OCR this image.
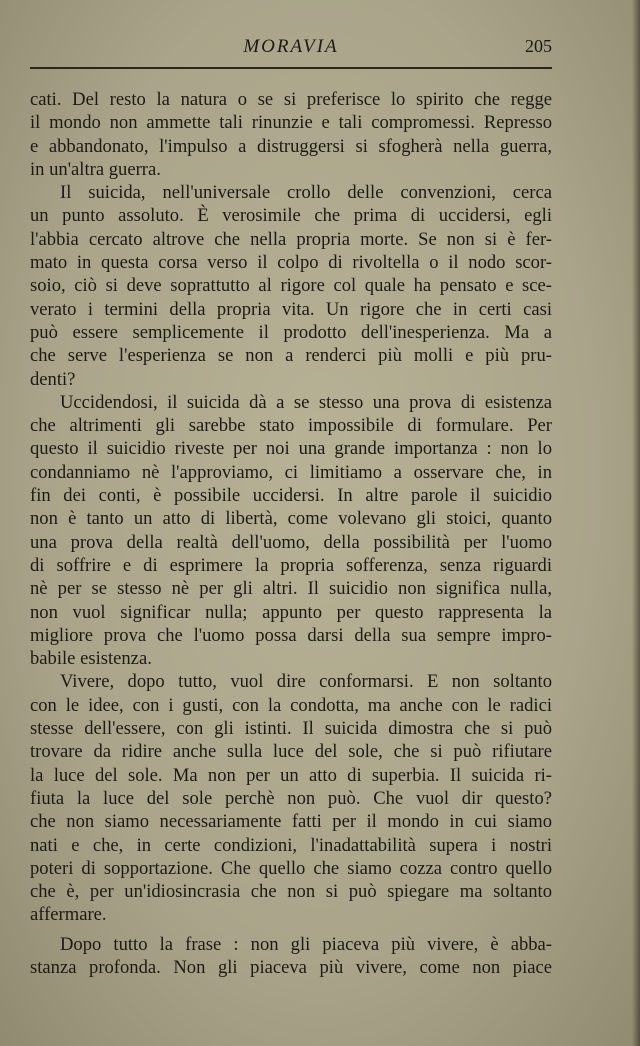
MORAVIA	205
cati. Del resto la natura o se si preferisce lo spirito che regge
il mondo non ammette tali rinunzie e tali compromessi. Represso
e abbandonato, l'impulso a distruggersi si sfogherà nella guerra,
in un'altra guerra.
Il suicida, nell'universale crollo delle convenzioni, cerca
un punto assoluto. È verosimile che prima di uccidersi, egli
l'abbia cercato altrove che nella propria morte. Se non si è fer-
mato in questa corsa verso il colpo di rivoltella o il nodo scor-
soio, ciò si deve soprattutto al rigore col quale ha pensato e sce-
verato i termini della propria vita. Un rigore che in certi casi
può essere semplicemente il prodotto dell'inesperienza. Ma a
che serve l'esperienza se non a renderci più molli e più pru-
denti?
Uccidendosi, il suicida dà a se stesso una prova di esistenza
che altrimenti gli sarebbe stato impossibile di formulare. Per
questo il suicidio riveste per noi una grande importanza : non lo
condanniamo nè l'approviamo, ci limitiamo a osservare che, in
fin dei conti, è possibile uccidersi. In altre parole il suicidio
non è tanto un atto di libertà, come volevano gli stoici, quanto
una prova della realtà dell'uomo, della possibilità per l'uomo
di soffrire e di esprimere la propria sofferenza, senza riguardi
nè per se stesso nè per gli altri. Il suicidio non significa nulla,
non vuol significar nulla; appunto per questo rappresenta la
migliore prova che l'uomo possa darsi della sua sempre impro-
babile esistenza.
Vivere, dopo tutto, vuol dire conformarsi. E non soltanto
con le idee, con i gusti, con la condotta, ma anche con le radici
stesse dell'essere, con gli istinti. Il suicida dimostra che si può
trovare da ridire anche sulla luce del sole, che si può rifiutare
la luce del sole. Ma non per un atto di superbia. Il suicida ri-
fiuta la luce del sole perchè non può. Che vuol dir questo?
che non siamo necessariamente fatti per il mondo in cui siamo
nati e che, in certe condizioni, l'inadattabilità supera i nostri
poteri di sopportazione. Che quello che siamo cozza contro quello
che è, per un'idiosincrasia che non si può spiegare ma soltanto
affermare.
Dopo tutto la frase : non gli piaceva più vivere, è abba-
stanza profonda. Non gli piaceva più vivere, come non piace
